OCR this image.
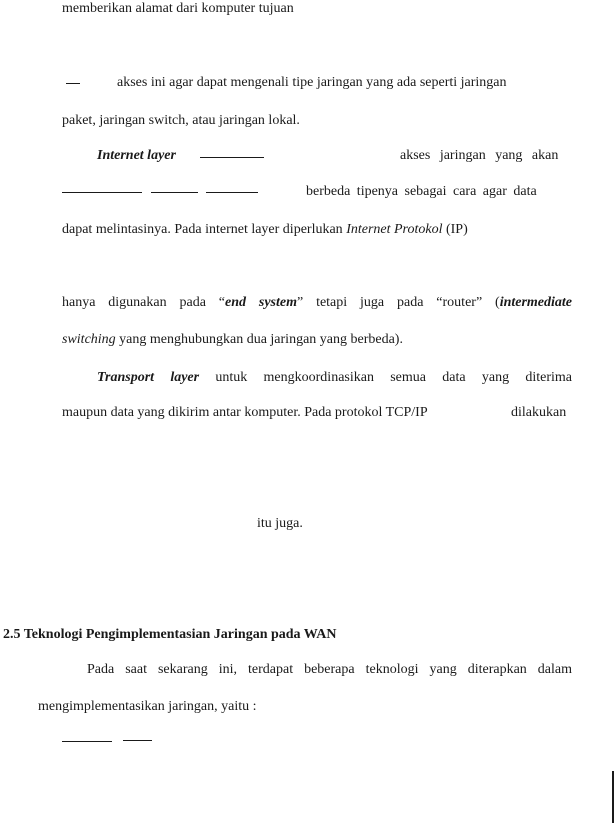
memberikan alamat dari komputer tujuan
akses ini agar dapat mengenali tipe jaringan yang ada seperti jaringan
paket, jaringan switch, atau jaringan lokal.
Internet layer	akses jaringan yang akan
berbeda tipenya sebagai cara agar data
dapat melintasinya. Pada internet layer diperlukan Internet Protokol (IP)
hanya digunakan pada “end system” tetapi juga pada “router” (intermediate
switching yang menghubungkan dua jaringan yang berbeda).
Transport layer untuk mengkoordinasikan semua data yang diterima
maupun data yang dikirim antar komputer. Pada protokol TCP/IP	dilakukan
itu juga.
2.5 Teknologi Pengimplementasian Jaringan pada WAN
Pada saat sekarang ini, terdapat beberapa teknologi yang diterapkan dalam
mengimplementasikan jaringan, yaitu :
